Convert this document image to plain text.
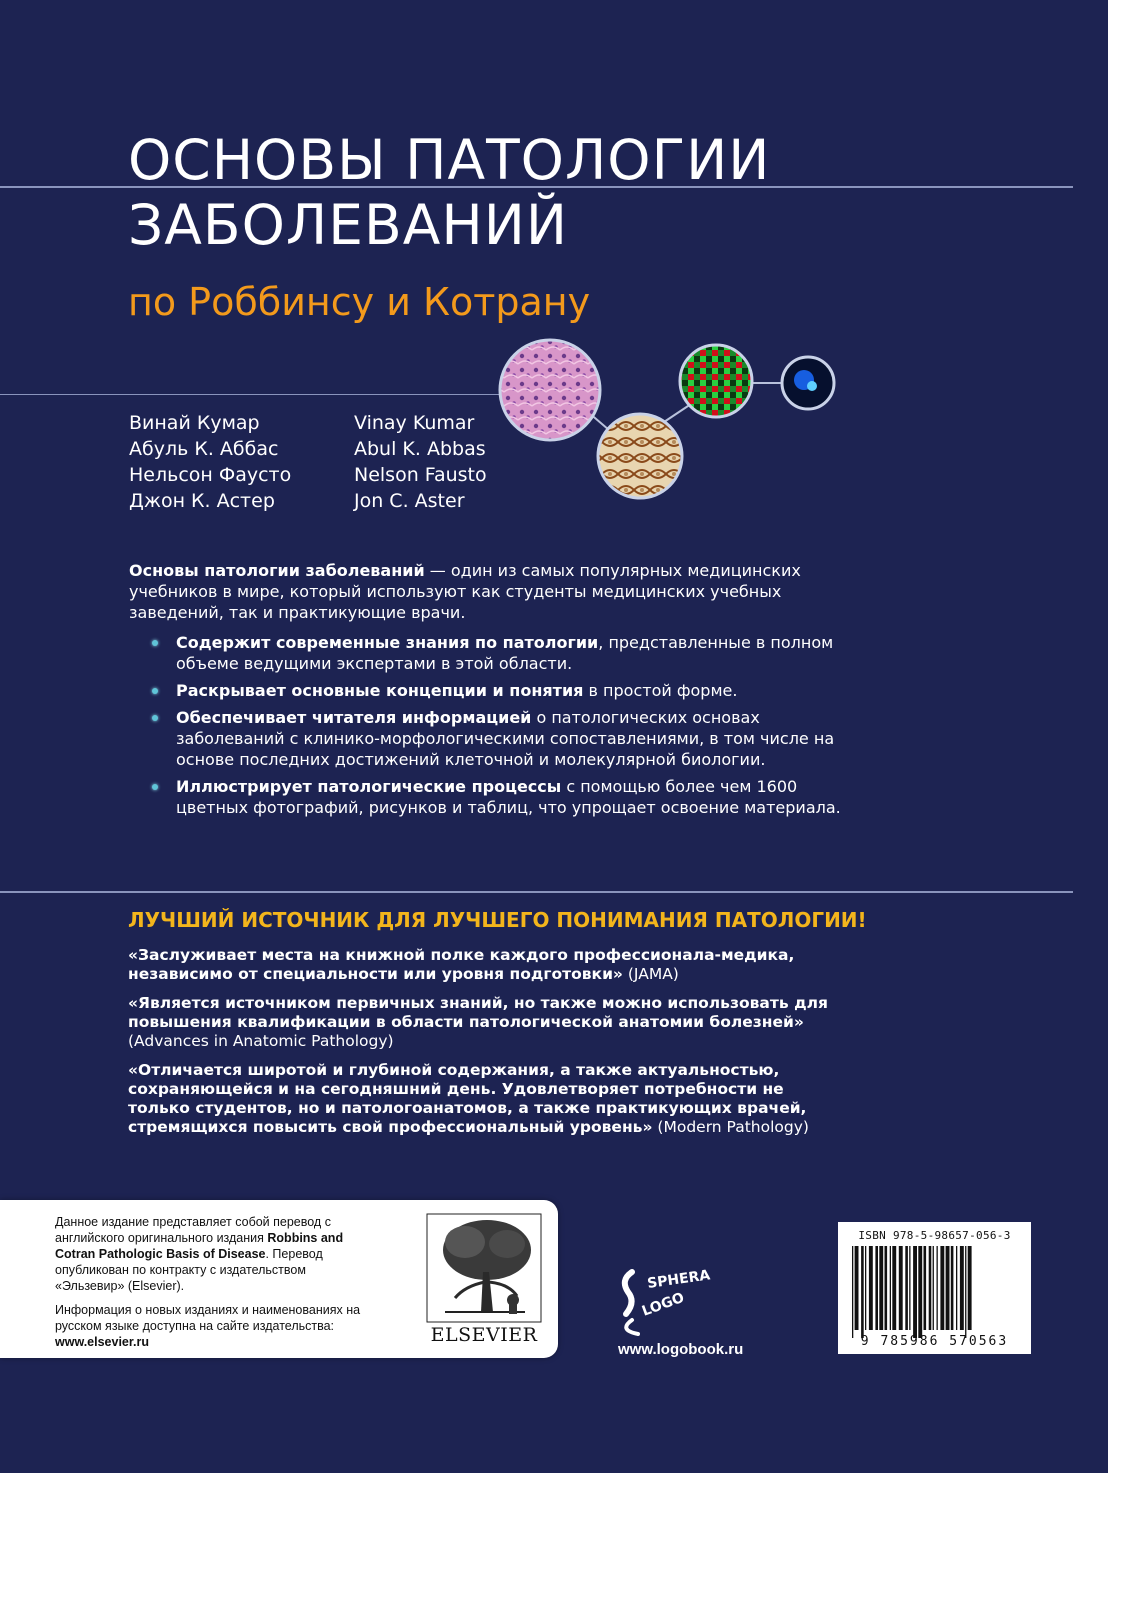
ОСНОВЫ ПАТОЛОГИИ
ЗАБОЛЕВАНИЙ
по Роббинсу и Котрану
Винай Кумар
Абуль К. Аббас
Нельсон Фаусто
Джон К. Астер
Vinay Kumar
Abul K. Abbas
Nelson Fausto
Jon C. Aster
Основы патологии заболеваний — один из самых популярных медицинских учебников в мире, который используют как студенты медицинских учебных заведений, так и практикующие врачи.
Содержит современные знания по патологии, представленные в полном объеме ведущими экспертами в этой области.
Раскрывает основные концепции и понятия в простой форме.
Обеспечивает читателя информацией о патологических основах заболеваний с клинико-морфологическими сопоставлениями, в том числе на основе последних достижений клеточной и молекулярной биологии.
Иллюстрирует патологические процессы с помощью более чем 1600 цветных фотографий, рисунков и таблиц, что упрощает освоение материала.
ЛУЧШИЙ ИСТОЧНИК ДЛЯ ЛУЧШЕГО ПОНИМАНИЯ ПАТОЛОГИИ!
«Заслуживает места на книжной полке каждого профессионала-медика, независимо от специальности или уровня подготовки» (JAMA)
«Является источником первичных знаний, но также можно использовать для повышения квалификации в области патологической анатомии болезней» (Advances in Anatomic Pathology)
«Отличается широтой и глубиной содержания, а также актуальностью, сохраняющейся и на сегодняшний день. Удовлетворяет потребности не только студентов, но и патологоанатомов, а также практикующих врачей, стремящихся повысить свой профессиональный уровень» (Modern Pathology)

Данное издание представляет собой перевод с английского оригинального издания Robbins and Cotran Pathologic Basis of Disease. Перевод опубликован по контракту с издательством «Эльзевир» (Elsevier).

Информация о новых изданиях и наименованиях на русском языке доступна на сайте издательства: www.elsevier.ru	ELSEVIER
SPHERA
LOGO
www.logobook.ru
ISBN 978-5-98657-056-3
9 785986 570563
